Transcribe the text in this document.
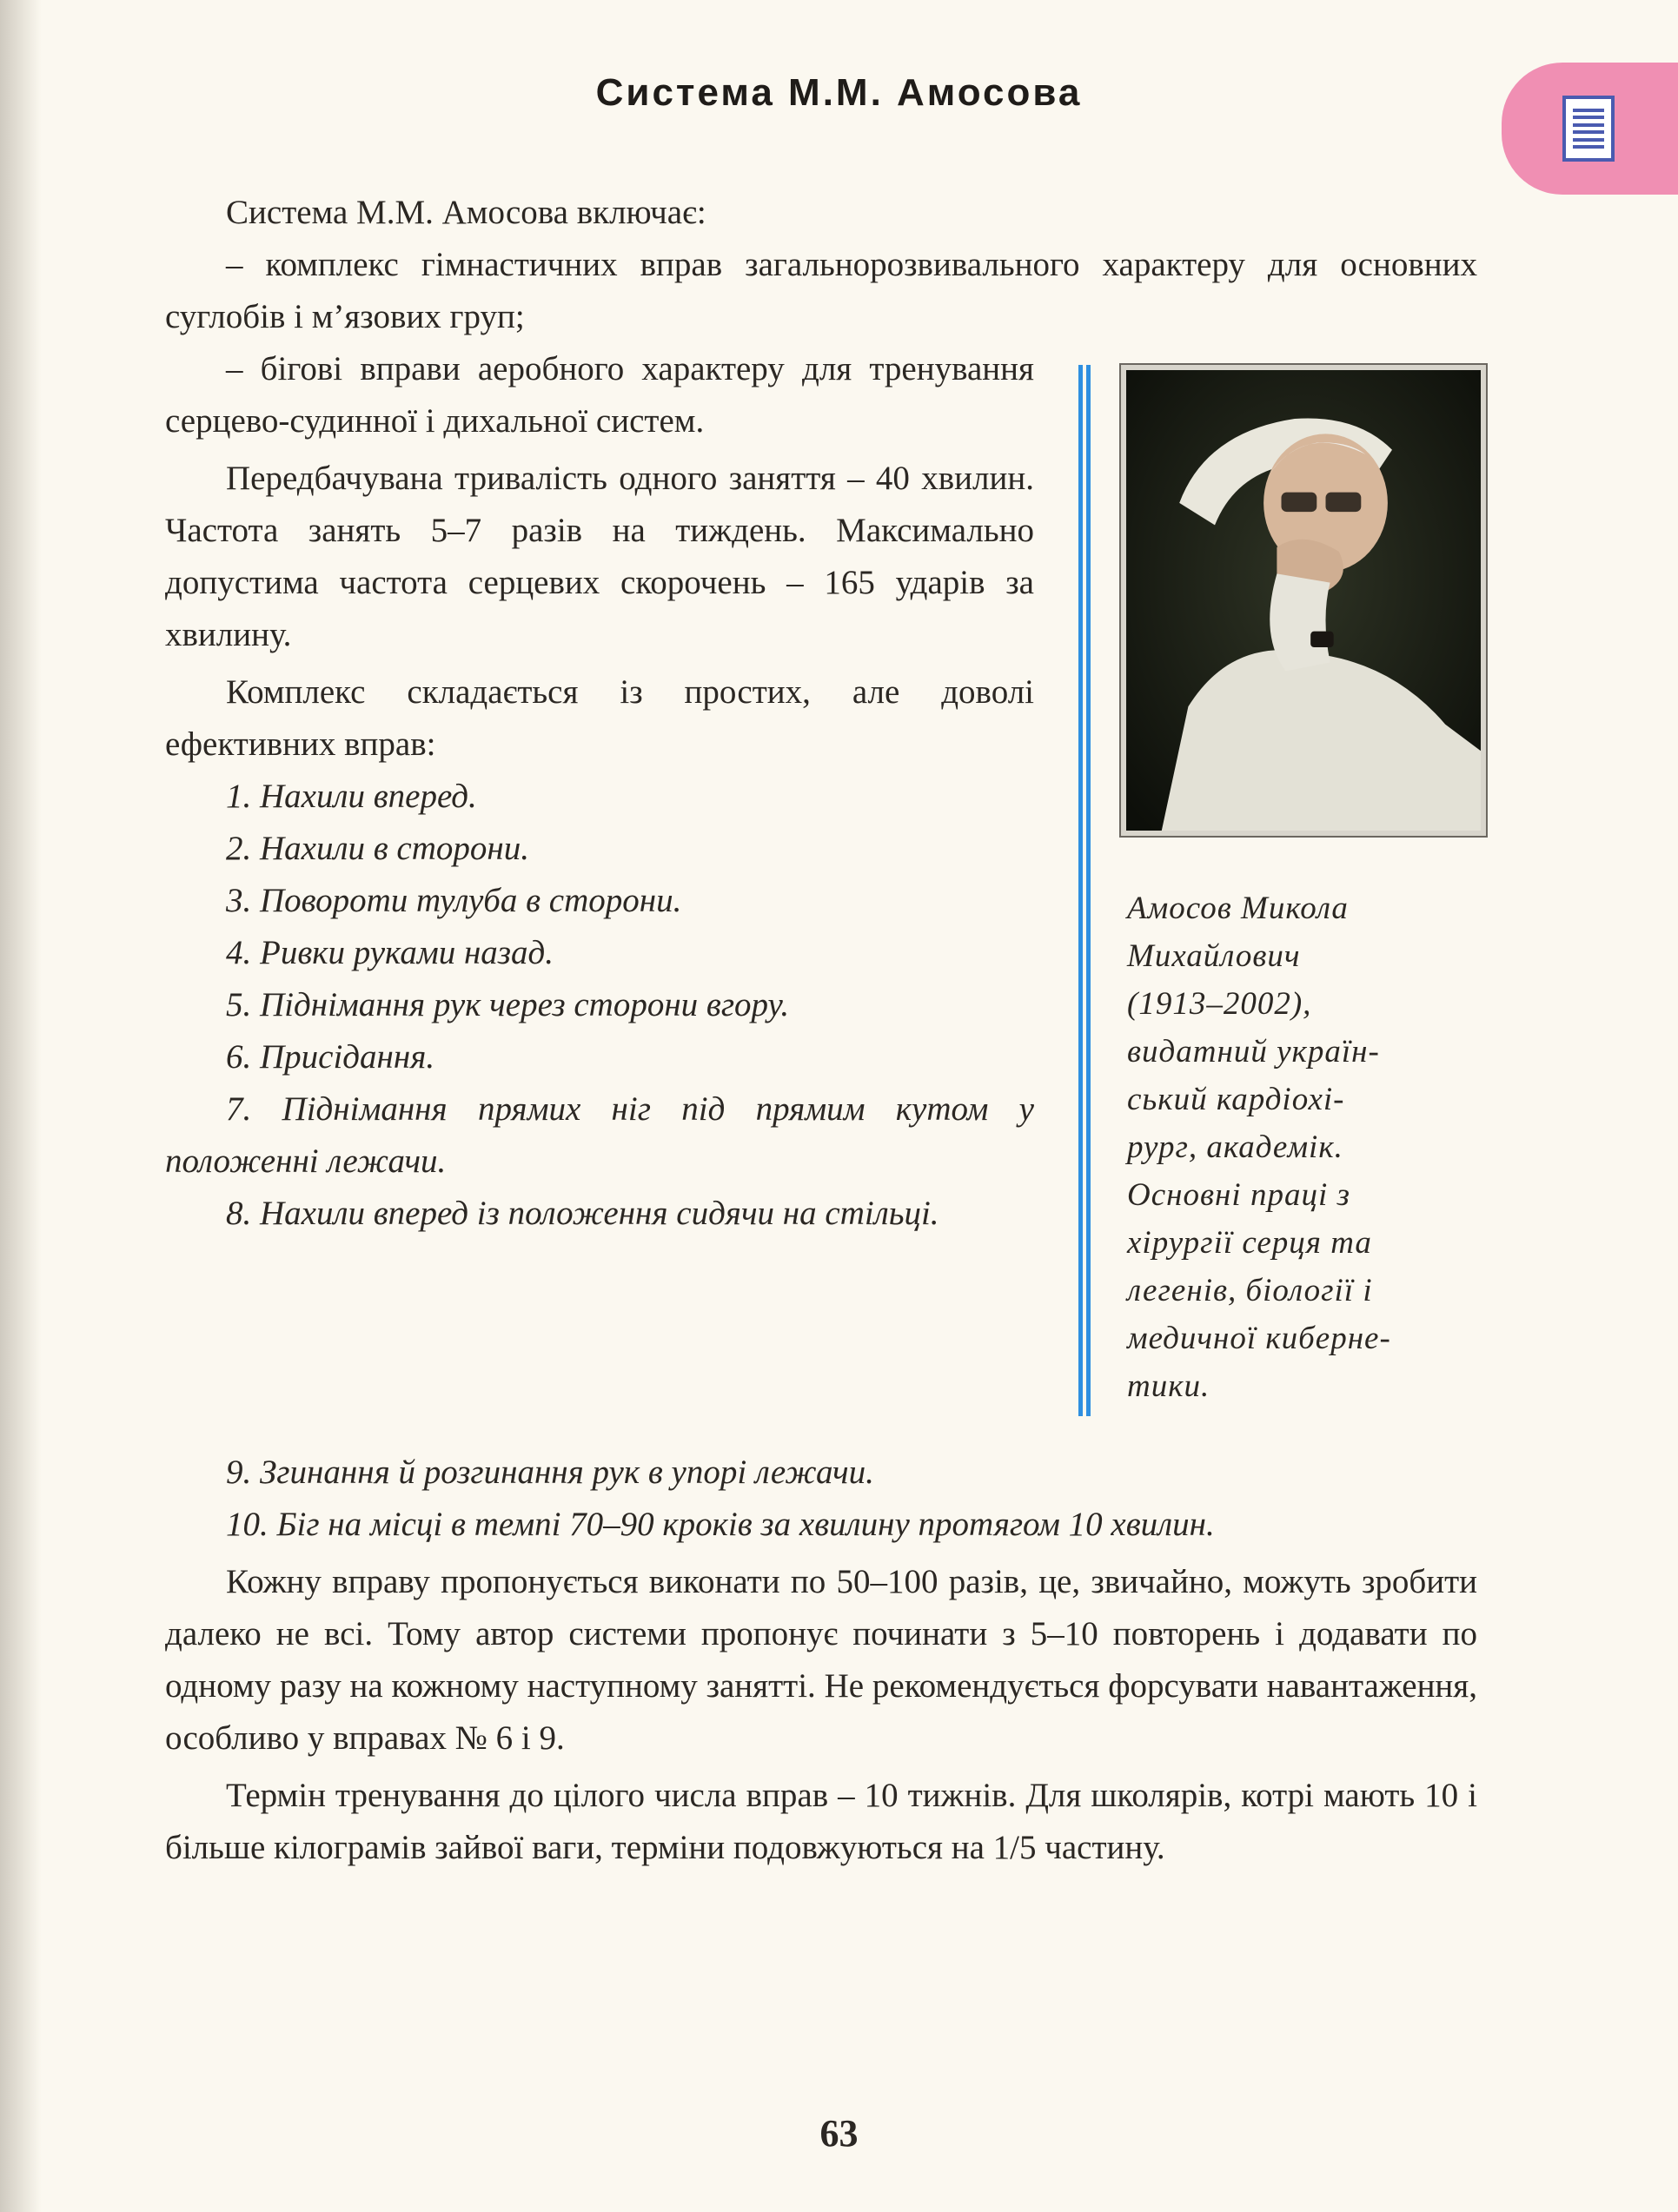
Система М.М. Амосова

Система М.М. Амосова включає:

– комплекс гімнастичних вправ загальнорозвивального характеру для основних суглобів і м’язових груп;

– бігові вправи аеробного характеру для тренування серцево-судинної і дихальної систем.

Передбачувана тривалість одного заняття – 40 хвилин. Частота занять 5–7 разів на тиждень. Максимально допустима частота серцевих скорочень – 165 ударів за хвилину.

Комплекс складається із простих, але доволі ефективних вправ:

1. Нахили вперед.

2. Нахили в сторони.

3. Повороти тулуба в сторони.

4. Ривки руками назад.

5. Піднімання рук через сторони вгору.

6. Присідання.

7. Піднімання прямих ніг під прямим кутом у положенні лежачи.

8. Нахили вперед із положення сидячи на стільці.

Амосов Микола
Михайлович
(1913–2002),
видатний україн-
ський кардіохі-
рург, академік.
Основні праці з
хірургії серця та
легенів, біології і
медичної киберне-
тики.

9. Згинання й розгинання рук в упорі лежачи.

10. Біг на місці в темпі 70–90 кроків за хвилину протягом 10 хвилин.

Кожну вправу пропонується виконати по 50–100 разів, це, звичайно, можуть зробити далеко не всі. Тому автор системи пропонує починати з 5–10 повторень і додавати по одному разу на кожному наступному занятті. Не рекомендується форсувати навантаження, особливо у вправах № 6 і 9.

Термін тренування до цілого числа вправ – 10 тижнів. Для школярів, котрі мають 10 і більше кілограмів зайвої ваги, терміни подовжуються на 1/5 частину.

63
